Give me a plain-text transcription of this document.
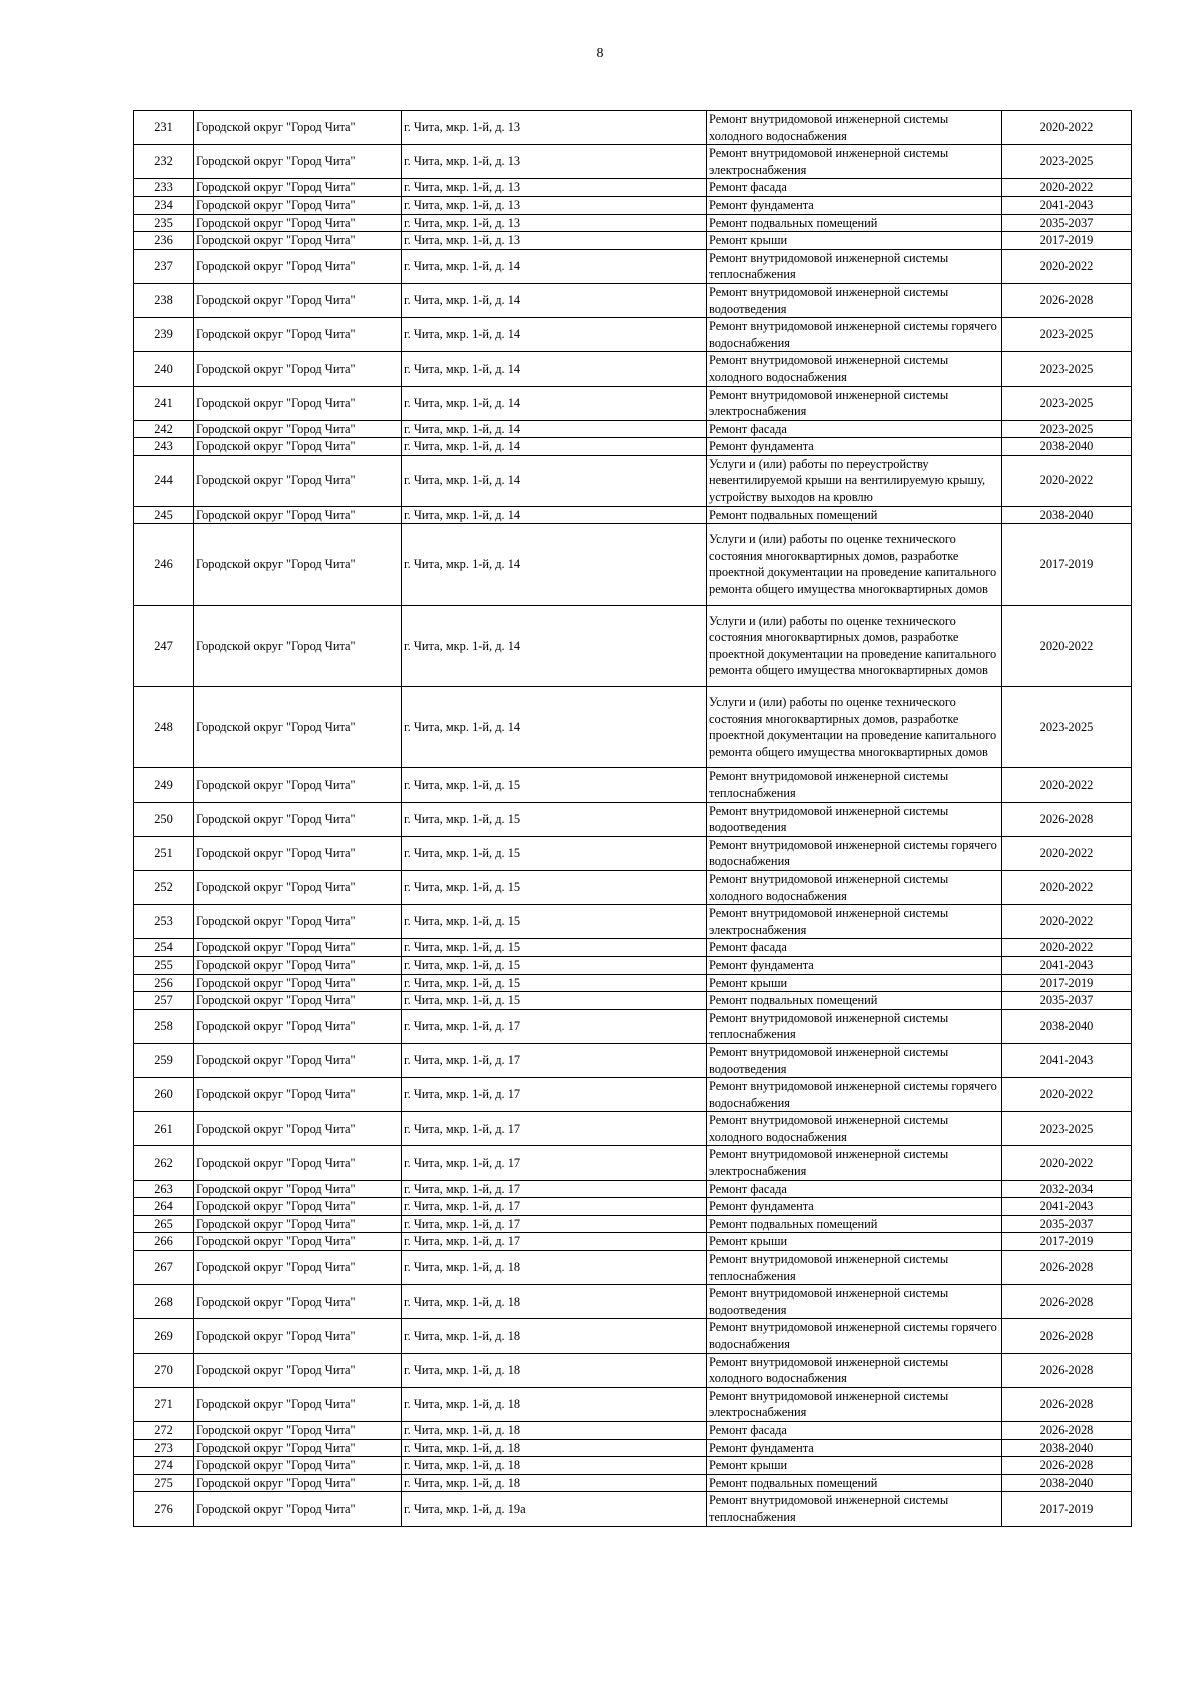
8
231	Городской округ "Город Чита"	г. Чита, мкр. 1-й, д. 13	Ремонт внутридомовой инженерной системы холодного водоснабжения	2020-2022
232	Городской округ "Город Чита"	г. Чита, мкр. 1-й, д. 13	Ремонт внутридомовой инженерной системы электроснабжения	2023-2025
233	Городской округ "Город Чита"	г. Чита, мкр. 1-й, д. 13	Ремонт фасада	2020-2022
234	Городской округ "Город Чита"	г. Чита, мкр. 1-й, д. 13	Ремонт фундамента	2041-2043
235	Городской округ "Город Чита"	г. Чита, мкр. 1-й, д. 13	Ремонт подвальных помещений	2035-2037
236	Городской округ "Город Чита"	г. Чита, мкр. 1-й, д. 13	Ремонт крыши	2017-2019
237	Городской округ "Город Чита"	г. Чита, мкр. 1-й, д. 14	Ремонт внутридомовой инженерной системы теплоснабжения	2020-2022
238	Городской округ "Город Чита"	г. Чита, мкр. 1-й, д. 14	Ремонт внутридомовой инженерной системы водоотведения	2026-2028
239	Городской округ "Город Чита"	г. Чита, мкр. 1-й, д. 14	Ремонт внутридомовой инженерной системы горячего водоснабжения	2023-2025
240	Городской округ "Город Чита"	г. Чита, мкр. 1-й, д. 14	Ремонт внутридомовой инженерной системы холодного водоснабжения	2023-2025
241	Городской округ "Город Чита"	г. Чита, мкр. 1-й, д. 14	Ремонт внутридомовой инженерной системы электроснабжения	2023-2025
242	Городской округ "Город Чита"	г. Чита, мкр. 1-й, д. 14	Ремонт фасада	2023-2025
243	Городской округ "Город Чита"	г. Чита, мкр. 1-й, д. 14	Ремонт фундамента	2038-2040
244	Городской округ "Город Чита"	г. Чита, мкр. 1-й, д. 14	Услуги и (или) работы по переустройству невентилируемой крыши на вентилируемую крышу, устройству выходов на кровлю	2020-2022
245	Городской округ "Город Чита"	г. Чита, мкр. 1-й, д. 14	Ремонт подвальных помещений	2038-2040
246	Городской округ "Город Чита"	г. Чита, мкр. 1-й, д. 14	Услуги и (или) работы по оценке технического состояния многоквартирных домов, разработке проектной документации на проведение капитального ремонта общего имущества многоквартирных домов	2017-2019
247	Городской округ "Город Чита"	г. Чита, мкр. 1-й, д. 14	Услуги и (или) работы по оценке технического состояния многоквартирных домов, разработке проектной документации на проведение капитального ремонта общего имущества многоквартирных домов	2020-2022
248	Городской округ "Город Чита"	г. Чита, мкр. 1-й, д. 14	Услуги и (или) работы по оценке технического состояния многоквартирных домов, разработке проектной документации на проведение капитального ремонта общего имущества многоквартирных домов	2023-2025
249	Городской округ "Город Чита"	г. Чита, мкр. 1-й, д. 15	Ремонт внутридомовой инженерной системы теплоснабжения	2020-2022
250	Городской округ "Город Чита"	г. Чита, мкр. 1-й, д. 15	Ремонт внутридомовой инженерной системы водоотведения	2026-2028
251	Городской округ "Город Чита"	г. Чита, мкр. 1-й, д. 15	Ремонт внутридомовой инженерной системы горячего водоснабжения	2020-2022
252	Городской округ "Город Чита"	г. Чита, мкр. 1-й, д. 15	Ремонт внутридомовой инженерной системы холодного водоснабжения	2020-2022
253	Городской округ "Город Чита"	г. Чита, мкр. 1-й, д. 15	Ремонт внутридомовой инженерной системы электроснабжения	2020-2022
254	Городской округ "Город Чита"	г. Чита, мкр. 1-й, д. 15	Ремонт фасада	2020-2022
255	Городской округ "Город Чита"	г. Чита, мкр. 1-й, д. 15	Ремонт фундамента	2041-2043
256	Городской округ "Город Чита"	г. Чита, мкр. 1-й, д. 15	Ремонт крыши	2017-2019
257	Городской округ "Город Чита"	г. Чита, мкр. 1-й, д. 15	Ремонт подвальных помещений	2035-2037
258	Городской округ "Город Чита"	г. Чита, мкр. 1-й, д. 17	Ремонт внутридомовой инженерной системы теплоснабжения	2038-2040
259	Городской округ "Город Чита"	г. Чита, мкр. 1-й, д. 17	Ремонт внутридомовой инженерной системы водоотведения	2041-2043
260	Городской округ "Город Чита"	г. Чита, мкр. 1-й, д. 17	Ремонт внутридомовой инженерной системы горячего водоснабжения	2020-2022
261	Городской округ "Город Чита"	г. Чита, мкр. 1-й, д. 17	Ремонт внутридомовой инженерной системы холодного водоснабжения	2023-2025
262	Городской округ "Город Чита"	г. Чита, мкр. 1-й, д. 17	Ремонт внутридомовой инженерной системы электроснабжения	2020-2022
263	Городской округ "Город Чита"	г. Чита, мкр. 1-й, д. 17	Ремонт фасада	2032-2034
264	Городской округ "Город Чита"	г. Чита, мкр. 1-й, д. 17	Ремонт фундамента	2041-2043
265	Городской округ "Город Чита"	г. Чита, мкр. 1-й, д. 17	Ремонт подвальных помещений	2035-2037
266	Городской округ "Город Чита"	г. Чита, мкр. 1-й, д. 17	Ремонт крыши	2017-2019
267	Городской округ "Город Чита"	г. Чита, мкр. 1-й, д. 18	Ремонт внутридомовой инженерной системы теплоснабжения	2026-2028
268	Городской округ "Город Чита"	г. Чита, мкр. 1-й, д. 18	Ремонт внутридомовой инженерной системы водоотведения	2026-2028
269	Городской округ "Город Чита"	г. Чита, мкр. 1-й, д. 18	Ремонт внутридомовой инженерной системы горячего водоснабжения	2026-2028
270	Городской округ "Город Чита"	г. Чита, мкр. 1-й, д. 18	Ремонт внутридомовой инженерной системы холодного водоснабжения	2026-2028
271	Городской округ "Город Чита"	г. Чита, мкр. 1-й, д. 18	Ремонт внутридомовой инженерной системы электроснабжения	2026-2028
272	Городской округ "Город Чита"	г. Чита, мкр. 1-й, д. 18	Ремонт фасада	2026-2028
273	Городской округ "Город Чита"	г. Чита, мкр. 1-й, д. 18	Ремонт фундамента	2038-2040
274	Городской округ "Город Чита"	г. Чита, мкр. 1-й, д. 18	Ремонт крыши	2026-2028
275	Городской округ "Город Чита"	г. Чита, мкр. 1-й, д. 18	Ремонт подвальных помещений	2038-2040
276	Городской округ "Город Чита"	г. Чита, мкр. 1-й, д. 19а	Ремонт внутридомовой инженерной системы теплоснабжения	2017-2019
